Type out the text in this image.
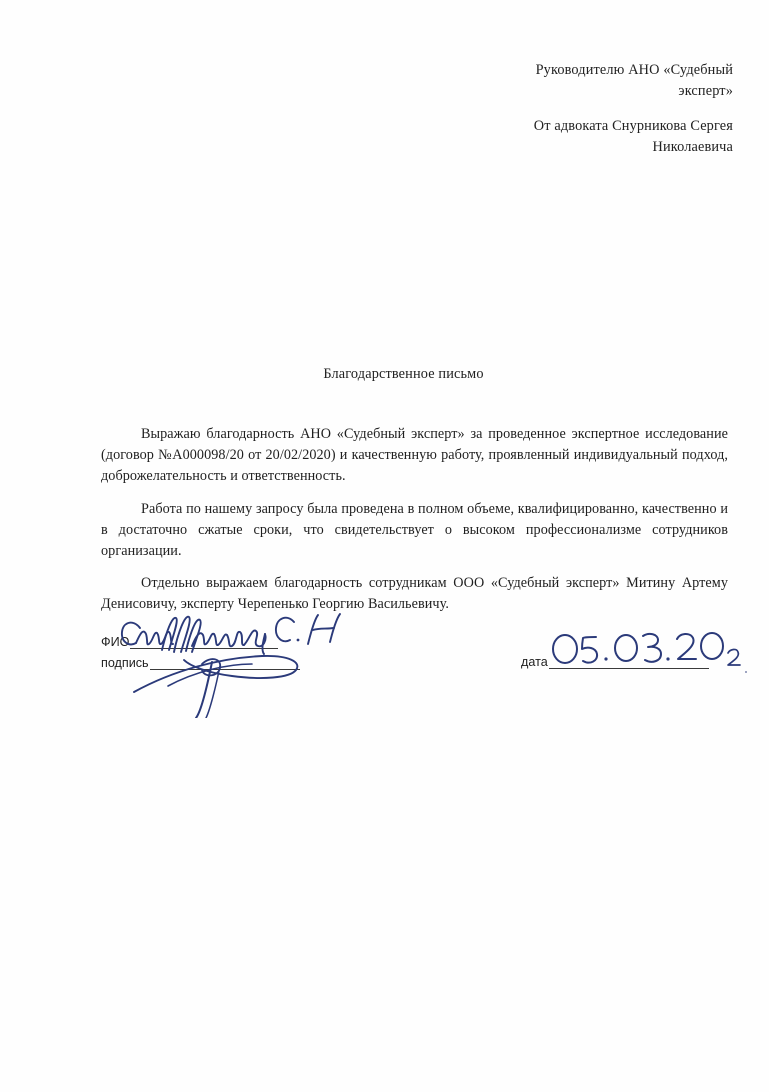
Руководителю АНО «Судебный
эксперт»
От адвоката Снурникова Сергея
Николаевича
Благодарственное письмо

Выражаю благодарность АНО «Судебный эксперт» за проведенное экспертное исследование (договор №А000098/20 от 20/02/2020) и качественную работу, проявленный индивидуальный подход, доброжелательность и ответственность.

Работа по нашему запросу была проведена в полном объеме, квалифицированно, качественно и в достаточно сжатые сроки, что свидетельствует о высоком профессионализме сотрудников организации.

Отдельно выражаем благодарность сотрудникам ООО «Судебный эксперт» Митину Артему Денисовичу, эксперту Черепенько Георгию Васильевичу.

ФИО
подпись	дата
